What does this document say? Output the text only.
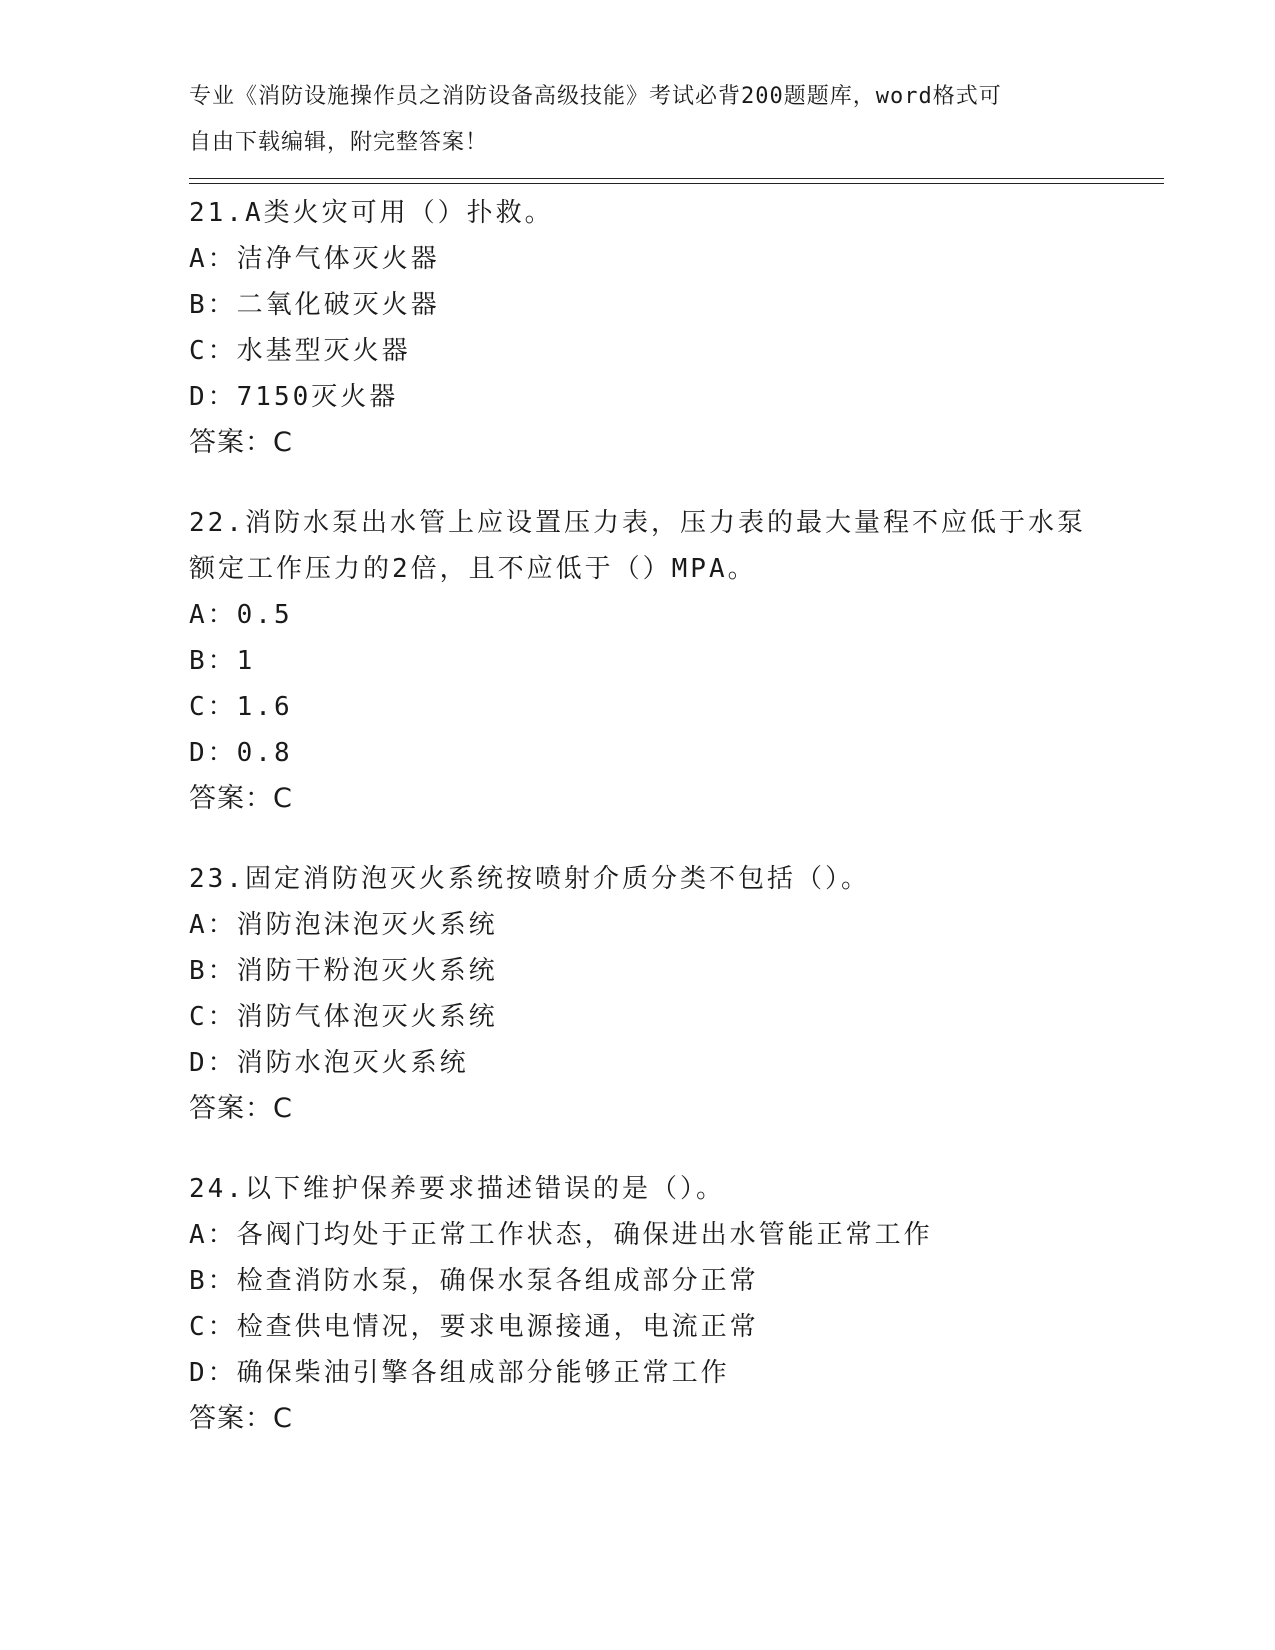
专业《消防设施操作员之消防设备高级技能》考试必背200题题库，word格式可
自由下载编辑，附完整答案！
21.A类火灾可用（）扑救。
A：洁净气体灭火器
B：二氧化破灭火器
C：水基型灭火器
D：7150灭火器
答案：C
22.消防水泵出水管上应设置压力表，压力表的最大量程不应低于水泵
额定工作压力的2倍，且不应低于（）MPA。
A：0.5
B：1
C：1.6
D：0.8
答案：C
23.固定消防泡灭火系统按喷射介质分类不包括（）。
A：消防泡沫泡灭火系统
B：消防干粉泡灭火系统
C：消防气体泡灭火系统
D：消防水泡灭火系统
答案：C
24.以下维护保养要求描述错误的是（）。
A：各阀门均处于正常工作状态，确保进出水管能正常工作
B：检查消防水泵，确保水泵各组成部分正常
C：检查供电情况，要求电源接通，电流正常
D：确保柴油引擎各组成部分能够正常工作
答案：C
